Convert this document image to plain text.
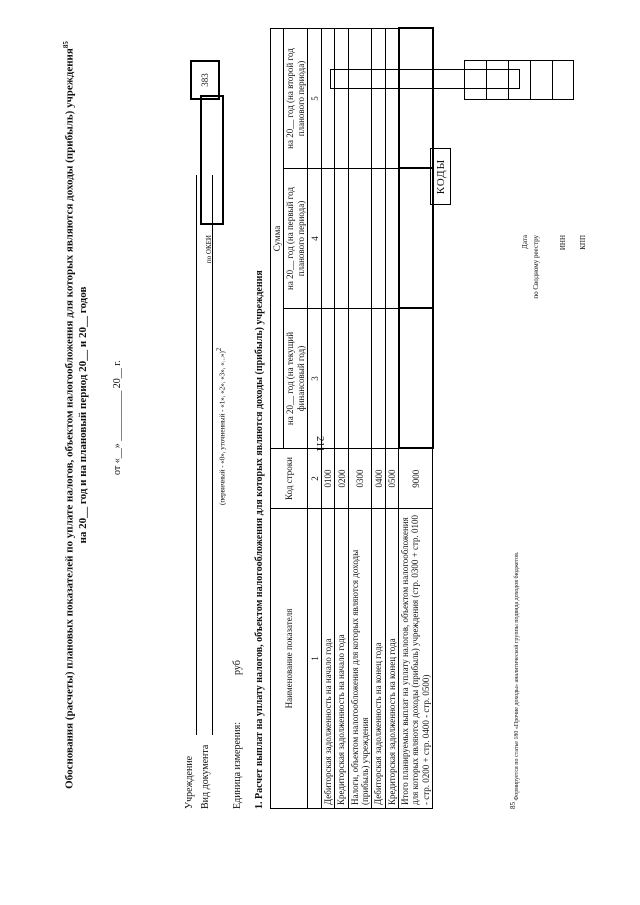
211
Обоснования (расчеты) плановых показателей по уплате налогов, объектом налогообложения для которых являются доходы (прибыль) учреждения$^{85}$
на 20__ год и на плановый период 20__ и 20__ годов от «__» __________ 20__ г.
Дата по Сводному реестру	ИНН КПП
по ОКЕИ
КОДЫ
383
Учреждение Вид документа
(первичный - «0», уточненный - «1», «2», «3», «...»)2
Единица измерения:
руб 1. Расчет выплат на уплату налогов, объектом налогообложения для которых являются доходы (прибыль) учреждения Наименование показателя	Код строки	Сумма		
		на 20__ год (на текущий финансовый год)	на 20__ год (на первый год планового периода)	на 20__ год (на второй год планового периода)
1	2	3	4	5
Дебиторская задолженность на начало года	0100			
Кредиторская задолженность на начало года	0200			
Налоги, объектом налогообложения для которых являются доходы (прибыль) учреждения	0300			
Дебиторская задолженность на конец года	0400			
Кредиторская задолженность на конец года	0500			
Итого планируемых выплат на уплату налогов, объектом налогообложения для которых являются доходы (прибыль) учреждения (стр. 0300 + стр. 0100 - стр. 0200 + стр. 0400 - стр. 0500)	9000			
85 Формируется по статье 180 «Прочие доходы» аналитической группы подвида доходов бюджетов.
